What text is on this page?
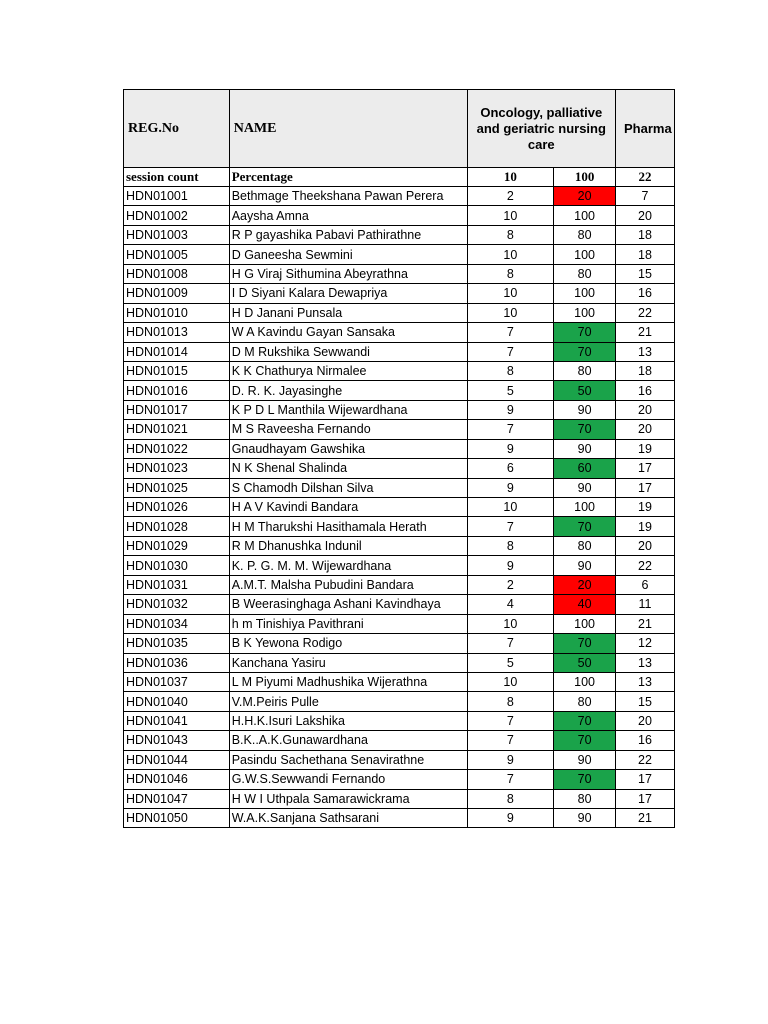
REG.No	NAME	Oncology, palliative and geriatric nursing care		Pharma
session count	Percentage	10	100	22
HDN01001	Bethmage Theekshana Pawan Perera	2	20	7
HDN01002	Aaysha Amna	10	100	20
HDN01003	R P gayashika Pabavi Pathirathne	8	80	18
HDN01005	D Ganeesha Sewmini	10	100	18
HDN01008	H G Viraj Sithumina Abeyrathna	8	80	15
HDN01009	I D Siyani Kalara Dewapriya	10	100	16
HDN01010	H D Janani Punsala	10	100	22
HDN01013	W A Kavindu Gayan Sansaka	7	70	21
HDN01014	D M Rukshika Sewwandi	7	70	13
HDN01015	K K Chathurya Nirmalee	8	80	18
HDN01016	D. R. K. Jayasinghe	5	50	16
HDN01017	K P D L Manthila Wijewardhana	9	90	20
HDN01021	M S Raveesha Fernando	7	70	20
HDN01022	Gnaudhayam Gawshika	9	90	19
HDN01023	N K Shenal Shalinda	6	60	17
HDN01025	S Chamodh Dilshan Silva	9	90	17
HDN01026	H A V Kavindi Bandara	10	100	19
HDN01028	H M Tharukshi Hasithamala Herath	7	70	19
HDN01029	R M Dhanushka Indunil	8	80	20
HDN01030	K. P. G. M. M. Wijewardhana	9	90	22
HDN01031	A.M.T. Malsha Pubudini Bandara	2	20	6
HDN01032	B Weerasinghaga Ashani Kavindhaya	4	40	11
HDN01034	h m Tinishiya Pavithrani	10	100	21
HDN01035	B K Yewona Rodigo	7	70	12
HDN01036	Kanchana Yasiru	5	50	13
HDN01037	L M Piyumi Madhushika Wijerathna	10	100	13
HDN01040	V.M.Peiris Pulle	8	80	15
HDN01041	H.H.K.Isuri Lakshika	7	70	20
HDN01043	B.K..A.K.Gunawardhana	7	70	16
HDN01044	Pasindu Sachethana Senavirathne	9	90	22
HDN01046	G.W.S.Sewwandi Fernando	7	70	17
HDN01047	H W I Uthpala Samarawickrama	8	80	17
HDN01050	W.A.K.Sanjana Sathsarani	9	90	21
